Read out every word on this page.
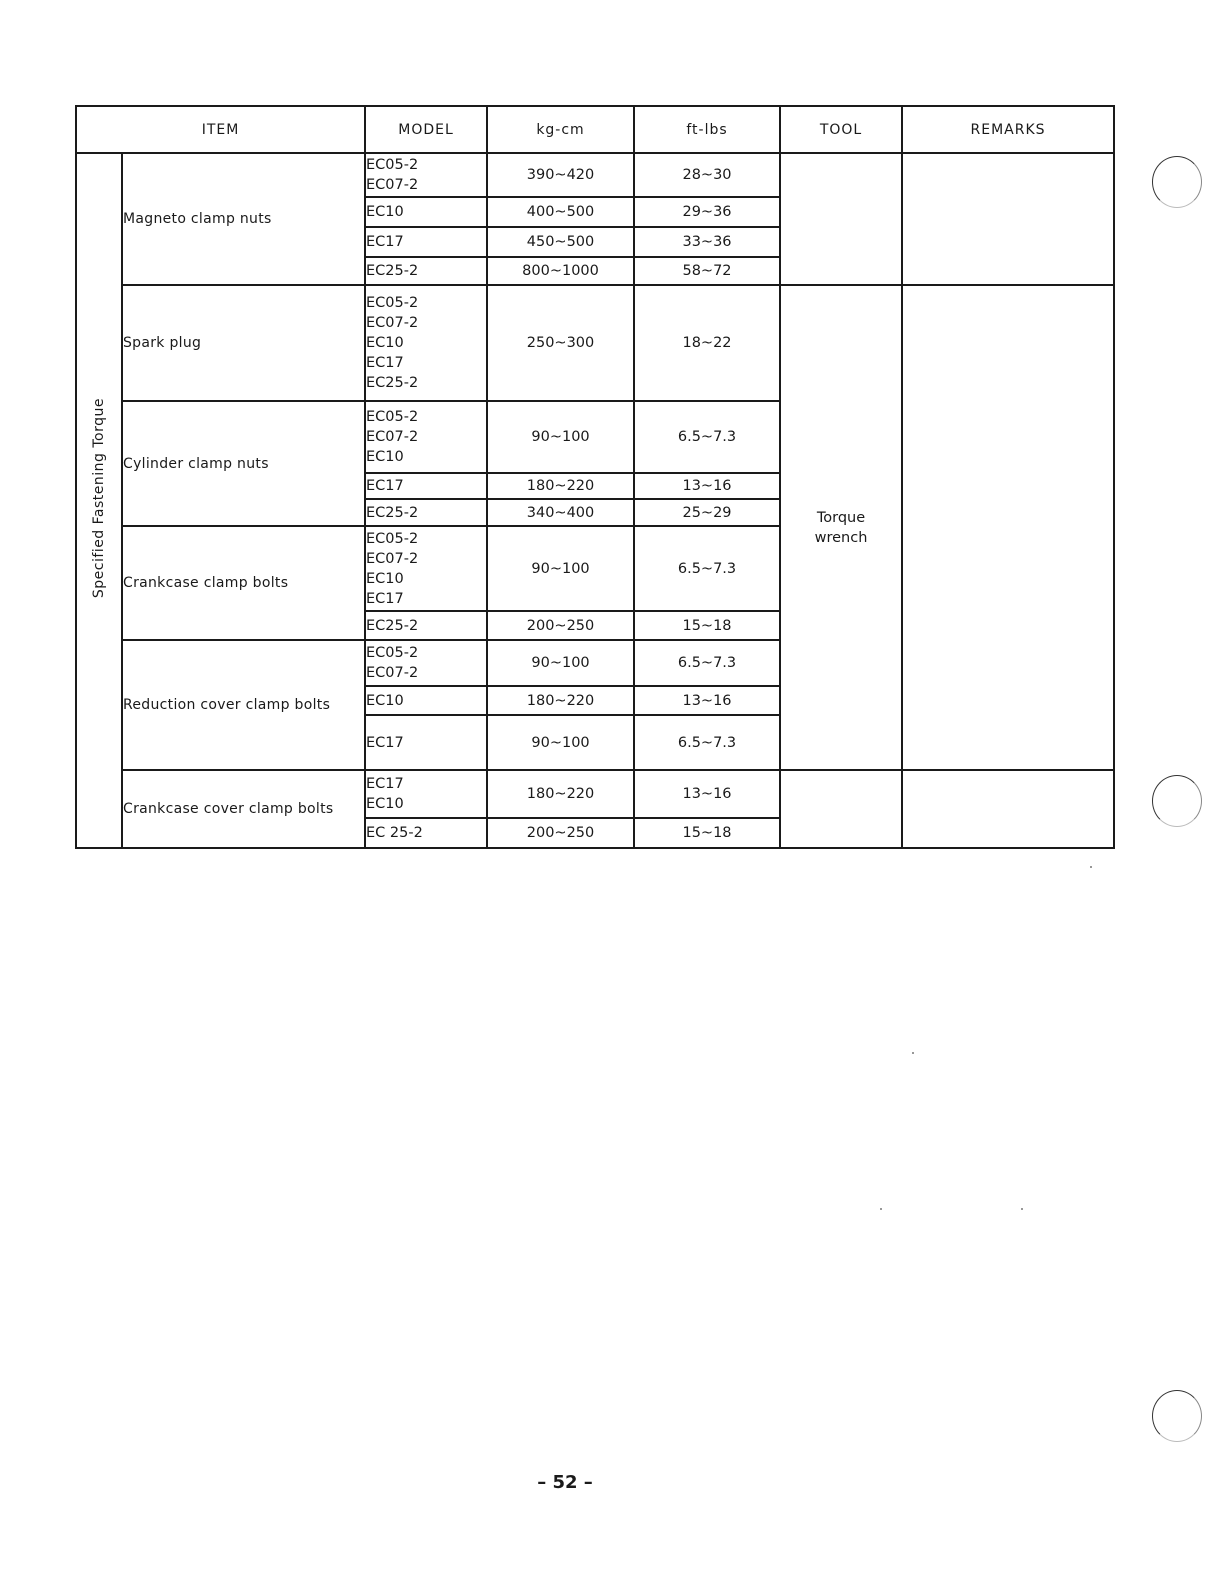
ITEM		MODEL	kg-cm	ft-lbs	TOOL	REMARKS
Specified Fastening Torque	Magneto clamp nuts	EC05-2
EC07-2	390~420	28~30		
		EC10	400~500	29~36		
		EC17	450~500	33~36		
		EC25-2	800~1000	58~72		
	Spark plug	EC05-2
EC07-2
EC10
EC17
EC25-2	250~300	18~22	Torque
wrench	
	Cylinder clamp nuts	EC05-2
EC07-2
EC10	90~100	6.5~7.3		
		EC17	180~220	13~16		
		EC25-2	340~400	25~29		
	Crankcase clamp bolts	EC05-2
EC07-2
EC10
EC17	90~100	6.5~7.3		
		EC25-2	200~250	15~18		
	Reduction cover clamp bolts	EC05-2
EC07-2	90~100	6.5~7.3		
		EC10	180~220	13~16		
		EC17	90~100	6.5~7.3		
	Crankcase cover clamp bolts	EC17
EC10	180~220	13~16		
		EC 25-2	200~250	15~18		
– 52 –
